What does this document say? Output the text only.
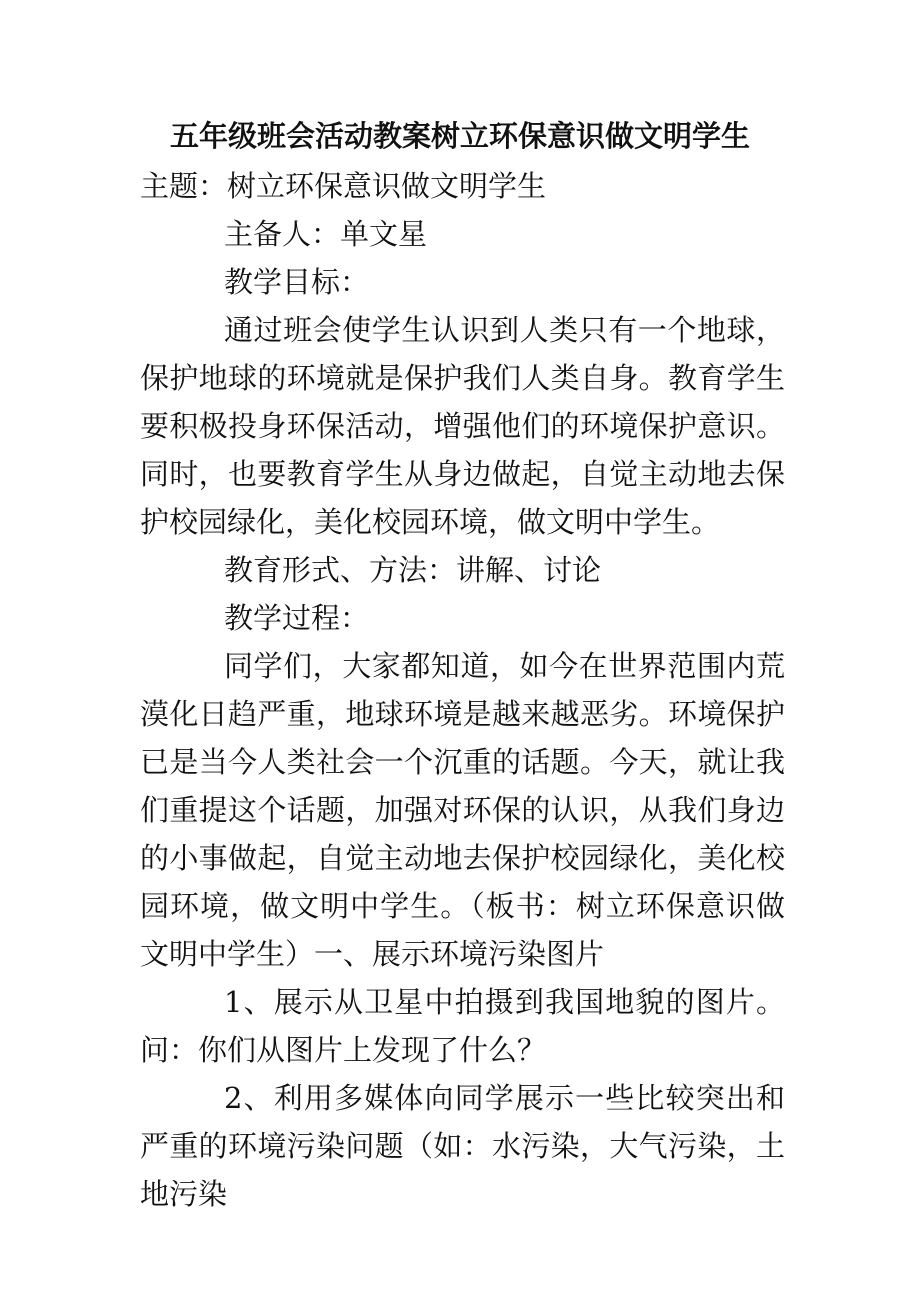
五年级班会活动教案树立环保意识做文明学生

主题：树立环保意识做文明学生

主备人：单文星

教学目标：

通过班会使学生认识到人类只有一个地球，保护地球的环境就是保护我们人类自身。教育学生要积极投身环保活动，增强他们的环境保护意识。同时，也要教育学生从身边做起，自觉主动地去保护校园绿化，美化校园环境，做文明中学生。

教育形式、方法：讲解、讨论

教学过程：

同学们，大家都知道，如今在世界范围内荒漠化日趋严重，地球环境是越来越恶劣。环境保护已是当今人类社会一个沉重的话题。今天，就让我们重提这个话题，加强对环保的认识，从我们身边的小事做起，自觉主动地去保护校园绿化，美化校园环境，做文明中学生。（板书：树立环保意识做文明中学生）一、展示环境污染图片

1、展示从卫星中拍摄到我国地貌的图片。问：你们从图片上发现了什么？

2、利用多媒体向同学展示一些比较突出和严重的环境污染问题（如：水污染，大气污染，土地污染
